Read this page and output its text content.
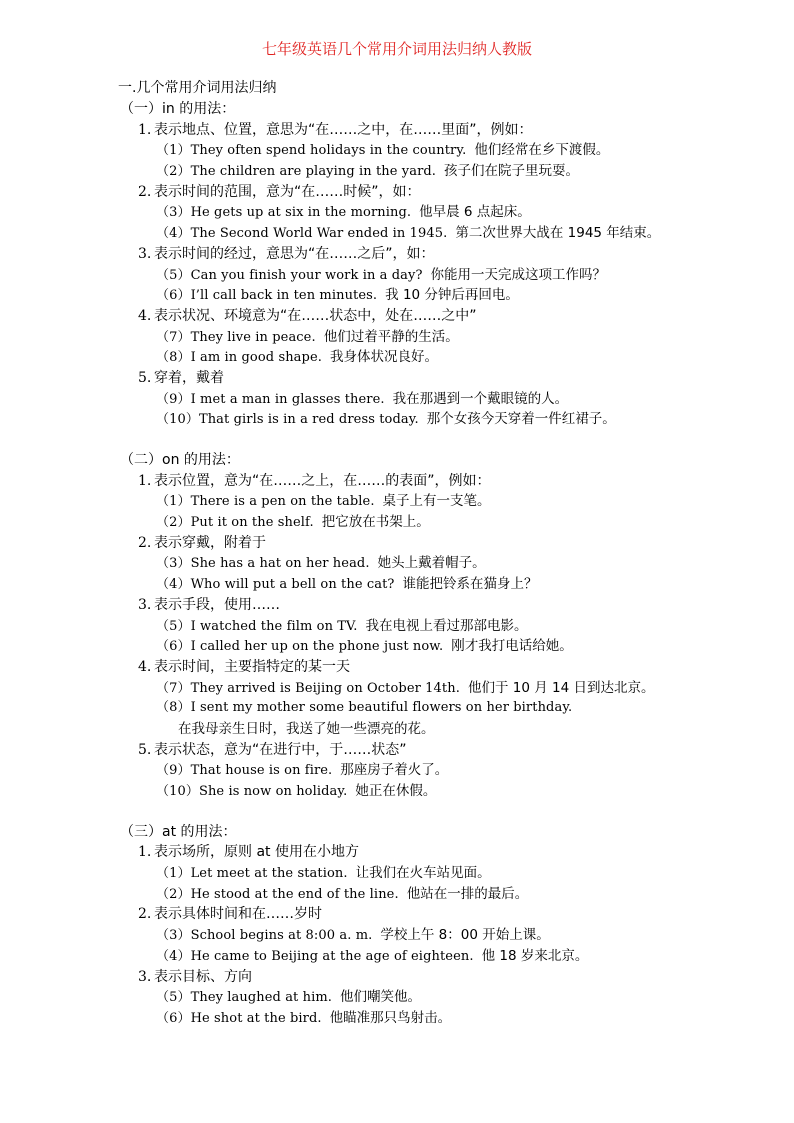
七年级英语几个常用介词用法归纳人教版
一.几个常用介词用法归纳
（一）in 的用法：
1. 表示地点、位置，意思为“在……之中，在……里面”，例如：
（1）They often spend holidays in the country. 他们经常在乡下渡假。
（2）The children are playing in the yard. 孩子们在院子里玩耍。
2. 表示时间的范围，意为“在……时候”，如：
（3）He gets up at six in the morning. 他早晨 6 点起床。
（4）The Second World War ended in 1945. 第二次世界大战在 1945 年结束。
3. 表示时间的经过，意思为“在……之后”，如：
（5）Can you finish your work in a day? 你能用一天完成这项工作吗？
（6）I’ll call back in ten minutes. 我 10 分钟后再回电。
4. 表示状况、环境意为“在……状态中，处在……之中”
（7）They live in peace. 他们过着平静的生活。
（8）I am in good shape. 我身体状况良好。
5. 穿着，戴着
（9）I met a man in glasses there. 我在那遇到一个戴眼镜的人。
（10）That girls is in a red dress today. 那个女孩今天穿着一件红裙子。
（二）on 的用法：
1. 表示位置，意为“在……之上，在……的表面”，例如：
（1）There is a pen on the table. 桌子上有一支笔。
（2）Put it on the shelf. 把它放在书架上。
2. 表示穿戴，附着于
（3）She has a hat on her head. 她头上戴着帽子。
（4）Who will put a bell on the cat? 谁能把铃系在猫身上？
3. 表示手段，使用……
（5）I watched the film on TV. 我在电视上看过那部电影。
（6）I called her up on the phone just now. 刚才我打电话给她。
4. 表示时间，主要指特定的某一天
（7）They arrived is Beijing on October 14th. 他们于 10 月 14 日到达北京。
（8）I sent my mother some beautiful flowers on her birthday.
在我母亲生日时，我送了她一些漂亮的花。
5. 表示状态，意为“在进行中，于……状态”
（9）That house is on fire. 那座房子着火了。
（10）She is now on holiday. 她正在休假。
（三）at 的用法：
1. 表示场所，原则 at 使用在小地方
（1）Let meet at the station. 让我们在火车站见面。
（2）He stood at the end of the line. 他站在一排的最后。
2. 表示具体时间和在……岁时
（3）School begins at 8:00 a. m. 学校上午 8：00 开始上课。
（4）He came to Beijing at the age of eighteen. 他 18 岁来北京。
3. 表示目标、方向
（5）They laughed at him. 他们嘲笑他。
（6）He shot at the bird. 他瞄准那只鸟射击。
